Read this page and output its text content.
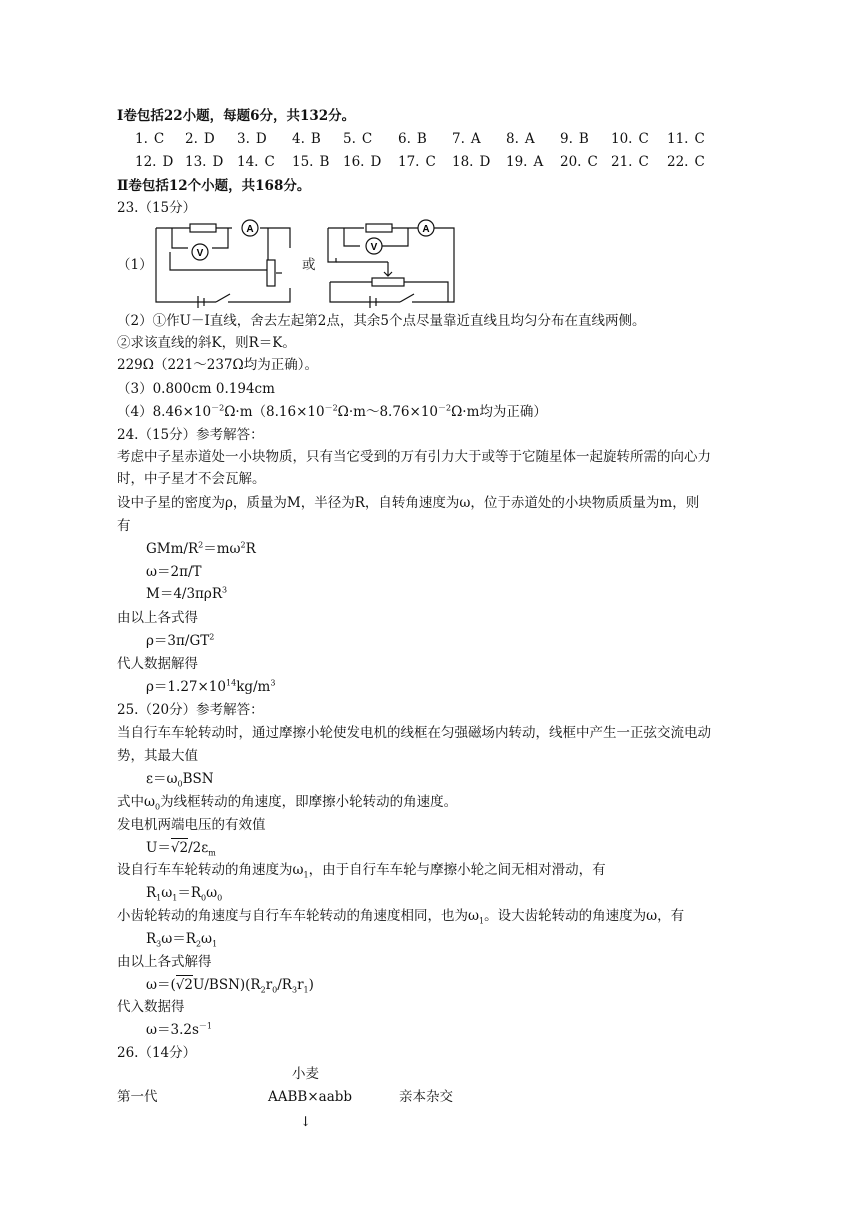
Ⅰ卷包括22小题，每题6分，共132分。
1. C 2. D 3. D 4. B 5. C 6. B 7. A 8. A 9. B 10. C 11. C
12. D 13. D 14. C 15. B 16. D 17. C 18. D 19. A 20. C 21. C 22. C
Ⅱ卷包括12个小题，共168分。
23.（15分）
（1）
V
A
或
V
A
（2）①作U－I直线，舍去左起第2点，其余5个点尽量靠近直线且均匀分布在直线两侧。
②求该直线的斜K，则R＝K。
229Ω（221～237Ω均为正确）。
（3）0.800cm 0.194cm
$(4)8.46\times 10^{-2}\Omega\cdot m(8.16\times 10^{-2}\Omega\cdot m\sim 8.76\times 10^{-2}\Omega\cdot m$均为正确）
24.（15分）参考解答：
考虑中子星赤道处一小块物质，只有当它受到的万有引力大于或等于它随星体一起旋转所需的向心力
时，中子星才不会瓦解。
设中子星的密度为ρ，质量为M，半径为R，自转角速度为ω，位于赤道处的小块物质质量为m，则
有
GMm/$R^2=m\omega^2R$
ω＝2π/T
M＝4/3πρR$^3$
由以上各式得
$\rho=3\pi/GT^2$
代人数据解得
$\rho=1.27\times 10^{14}kg/m^3$
25.（20分）参考解答：
当自行车车轮转动时，通过摩擦小轮使发电机的线框在匀强磁场内转动，线框中产生一正弦交流电动
势，其最大值
$\varepsilon=\omega_0BSN$
式中$\omega_0$为线框转动的角速度，即摩擦小轮转动的角速度。
发电机两端电压的有效值
$U=√2/2\varepsilon_m$
设自行车车轮转动的角速度为$\omega_1$，由于自行车车轮与摩擦小轮之间无相对滑动，有
$R_1\omega_1=R_0\omega_0$
小齿轮转动的角速度与自行车车轮转动的角速度相同，也为$\omega_1$。设大齿轮转动的角速度为ω，有
$R_3\omega=R_2\omega_1$
由以上各式解得
$\omega=(√2U/BSN)(R_2r_0/R_3r_1)$
代入数据得
$\omega=3.2s^{-1}$
26.（14分）
小麦
第一代	AABB×aabb	亲本杂交
↓
